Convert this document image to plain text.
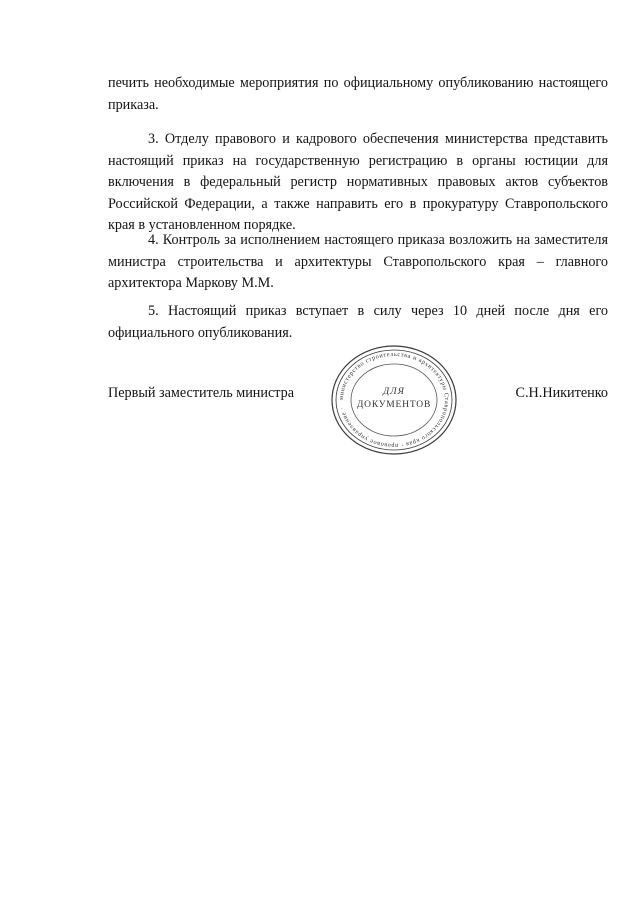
печить необходимые мероприятия по официальному опубликованию настоящего приказа.

3. Отделу правового и кадрового обеспечения министерства представить настоящий приказ на государственную регистрацию в органы юстиции для включения в федеральный регистр нормативных правовых актов субъектов Российской Федерации, а также направить его в прокуратуру Ставропольского края в установленном порядке.

4. Контроль за исполнением настоящего приказа возложить на заместителя министра строительства и архитектуры Ставропольского края – главного архитектора Маркову М.М.

5. Настоящий приказ вступает в силу через 10 дней после дня его официального опубликования.

Первый заместитель министра	министерство строительства и архитектуры Ставропольского края · правовое управление ·
ДЛЯ
ДОКУМЕНТОВ

С.Н.Никитенко
